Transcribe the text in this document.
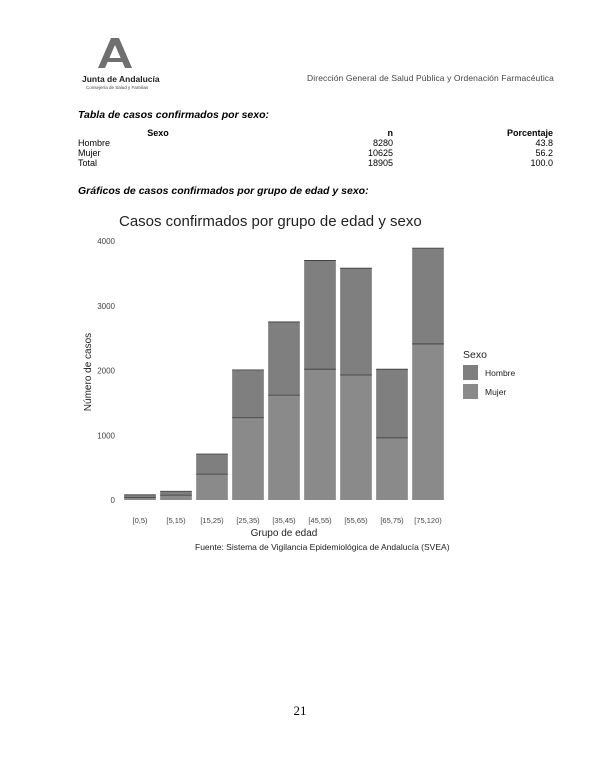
Junta de Andalucía
Consejería de Salud y Familias
Dirección General de Salud Pública y Ordenación Farmacéutica
Tabla de casos confirmados por sexo:
Sexo	n	Porcentaje
Hombre	8280	43.8
Mujer	10625	56.2
Total	18905	100.0
Gráficos de casos confirmados por grupo de edad y sexo:
Casos confirmados por grupo de edad y sexo
0
1000
2000
3000
4000
[0,5)	[5,15) [15,25) [25,35) [35,45) [45,55) [55,65) [65,75) [75,120)
Grupo de edad
Número de casos	Sexo
Hombre
Mujer
Fuente: Sistema de Vigilancia Epidemiológica de Andalucía (SVEA)
21
